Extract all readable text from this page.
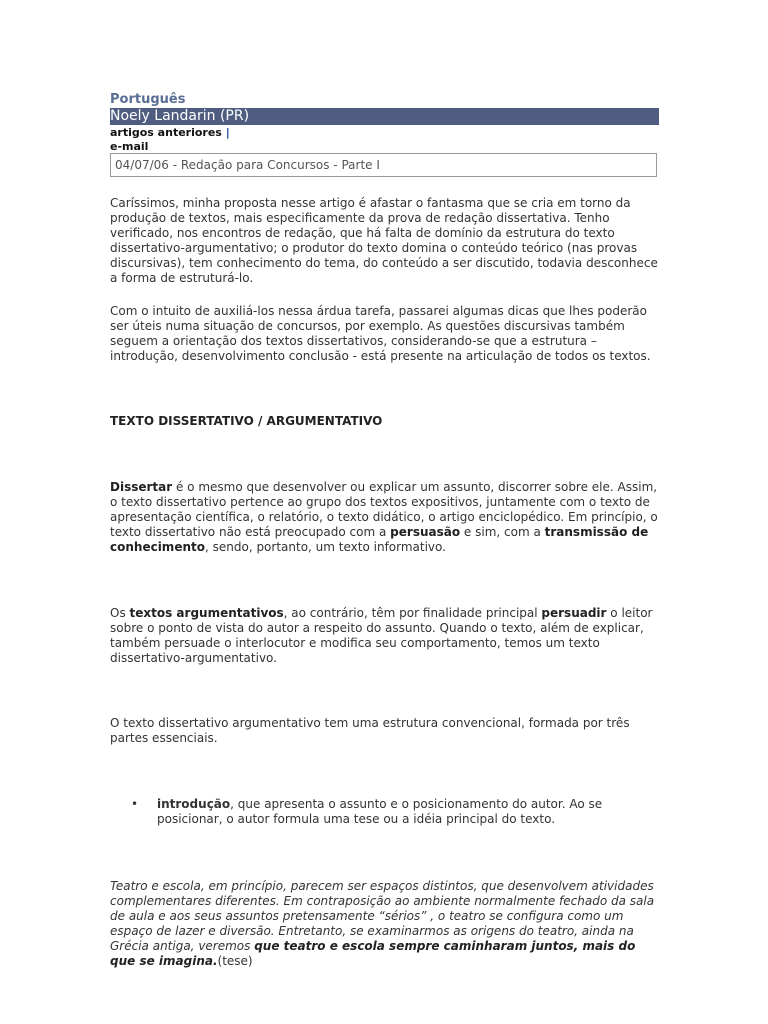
Português
Noely Landarin (PR)
artigos anteriores |
e-mail
04/07/06 - Redação para Concursos - Parte I
Caríssimos, minha proposta nesse artigo é afastar o fantasma que se cria em torno da produção de textos, mais especificamente da prova de redação dissertativa. Tenho verificado, nos encontros de redação, que há falta de domínio da estrutura do texto dissertativo-argumentativo; o produtor do texto domina o conteúdo teórico (nas provas discursivas), tem conhecimento do tema, do conteúdo a ser discutido, todavia desconhece a forma de estruturá-lo.
Com o intuito de auxiliá-los nessa árdua tarefa, passarei algumas dicas que lhes poderão ser úteis numa situação de concursos, por exemplo. As questões discursivas também seguem a orientação dos textos dissertativos, considerando-se que a estrutura – introdução, desenvolvimento conclusão - está presente na articulação de todos os textos.
TEXTO DISSERTATIVO / ARGUMENTATIVO
Dissertar é o mesmo que desenvolver ou explicar um assunto, discorrer sobre ele. Assim, o texto dissertativo pertence ao grupo dos textos expositivos, juntamente com o texto de apresentação científica, o relatório, o texto didático, o artigo enciclopédico. Em princípio, o texto dissertativo não está preocupado com a persuasão e sim, com a transmissão de conhecimento, sendo, portanto, um texto informativo.
Os textos argumentativos, ao contrário, têm por finalidade principal persuadir o leitor sobre o ponto de vista do autor a respeito do assunto. Quando o texto, além de explicar, também persuade o interlocutor e modifica seu comportamento, temos um texto dissertativo-argumentativo.
O texto dissertativo argumentativo tem uma estrutura convencional, formada por três partes essenciais.
• introdução, que apresenta o assunto e o posicionamento do autor. Ao se posicionar, o autor formula uma tese ou a idéia principal do texto.
Teatro e escola, em princípio, parecem ser espaços distintos, que desenvolvem atividades complementares diferentes. Em contraposição ao ambiente normalmente fechado da sala de aula e aos seus assuntos pretensamente “sérios” , o teatro se configura como um espaço de lazer e diversão. Entretanto, se examinarmos as origens do teatro, ainda na Grécia antiga, veremos que teatro e escola sempre caminharam juntos, mais do que se imagina.(tese)
